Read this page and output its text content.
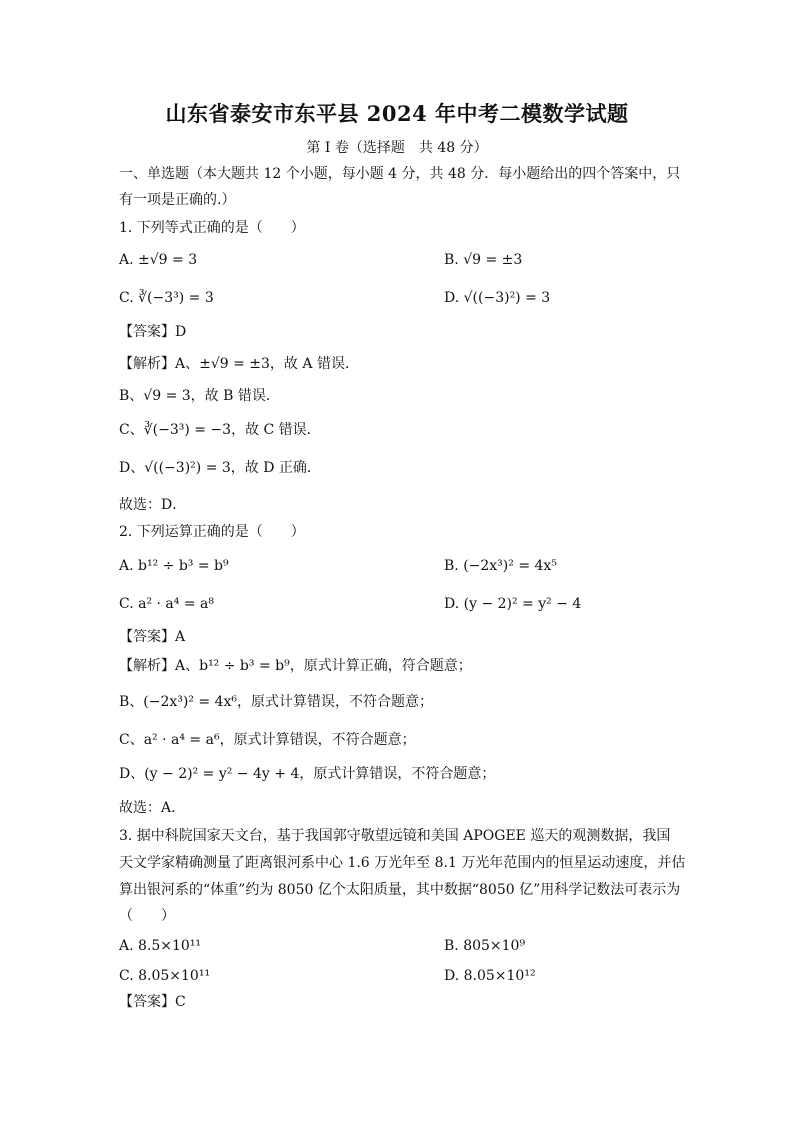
山东省泰安市东平县 2024 年中考二模数学试题
第 I 卷（选择题　共 48 分）
一、单选题（本大题共 12 个小题，每小题 4 分，共 48 分．每小题给出的四个答案中，只
有一项是正确的.）
1. 下列等式正确的是（　　）
A. ±√9 = 3	B. √9 = ±3
C. ∛(−3³) = 3	D. √((−3)²) = 3
【答案】D
【解析】A、±√9 = ±3，故 A 错误．
B、√9 = 3，故 B 错误．
C、∛(−3³) = −3，故 C 错误．
D、√((−3)²) = 3，故 D 正确．
故选：D．
2. 下列运算正确的是（　　）
A. b¹² ÷ b³ = b⁹	B. (−2x³)² = 4x⁵
C. a² · a⁴ = a⁸	D. (y − 2)² = y² − 4
【答案】A
【解析】A、b¹² ÷ b³ = b⁹，原式计算正确，符合题意；
B、(−2x³)² = 4x⁶，原式计算错误，不符合题意；
C、a² · a⁴ = a⁶，原式计算错误，不符合题意；
D、(y − 2)² = y² − 4y + 4，原式计算错误，不符合题意；
故选：A．
3. 据中科院国家天文台，基于我国郭守敬望远镜和美国 APOGEE 巡天的观测数据，我国
天文学家精确测量了距离银河系中心 1.6 万光年至 8.1 万光年范围内的恒星运动速度，并估
算出银河系的“体重”约为 8050 亿个太阳质量，其中数据“8050 亿”用科学记数法可表示为
（　　）
A. 8.5×10¹¹	B. 805×10⁹
C. 8.05×10¹¹	D. 8.05×10¹²
【答案】C
